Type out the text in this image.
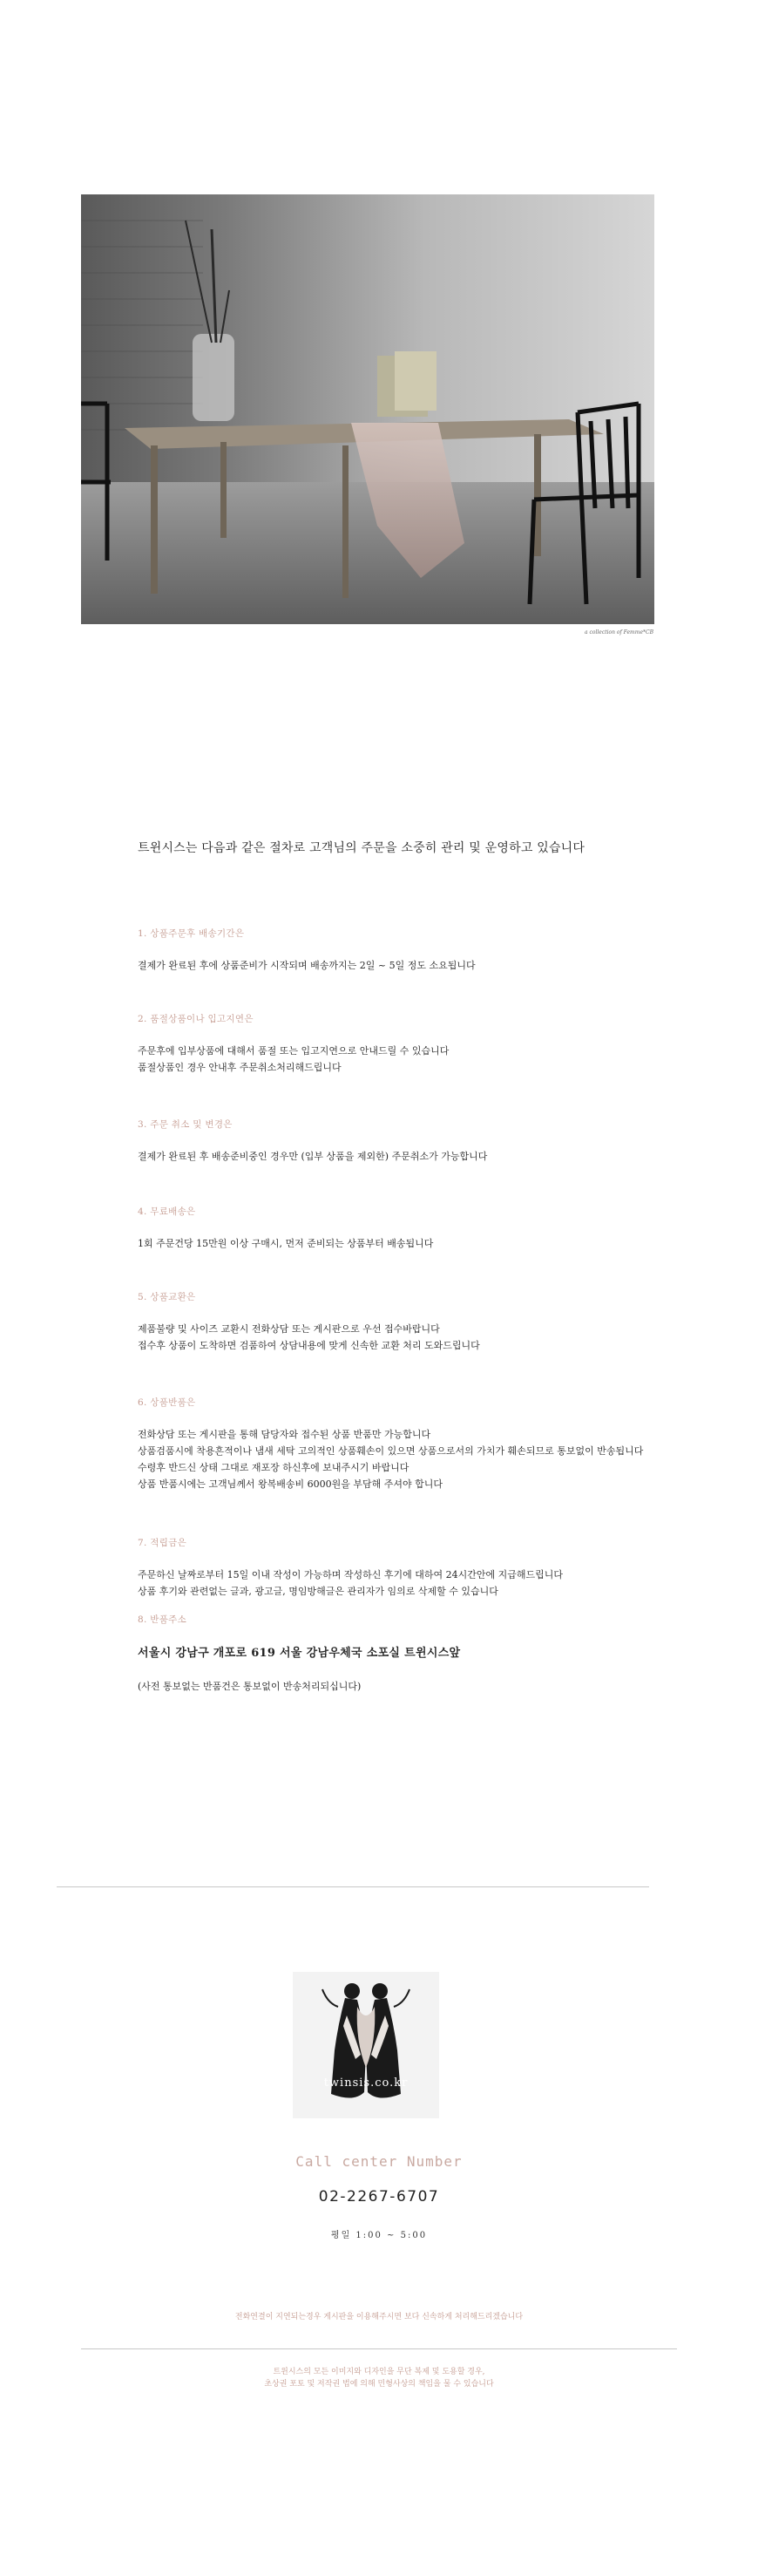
a collection of Femme*CB
트윈시스는 다음과 같은 절차로 고객님의 주문을 소중히 관리 및 운영하고 있습니다
1. 상품주문후 배송기간은
결제가 완료된 후에 상품준비가 시작되며 배송까지는 2일 ~ 5일 정도 소요됩니다
2. 품절상품이나 입고지연은
주문후에 입부상품에 대해서 품절 또는 입고지연으로 안내드릴 수 있습니다
품절상품인 경우 안내후 주문취소처리해드립니다
3. 주문 취소 및 변경은
결제가 완료된 후 배송준비중인 경우만 (입부 상품을 제외한) 주문취소가 가능합니다
4. 무료배송은
1회 주문건당 15만원 이상 구매시, 먼저 준비되는 상품부터 배송됩니다
5. 상품교환은
제품불량 및 사이즈 교환시 전화상담 또는 게시판으로 우선 접수바랍니다
접수후 상품이 도착하면 검품하여 상담내용에 맞게 신속한 교환 처리 도와드립니다
6. 상품반품은
전화상담 또는 게시판을 통해 담당자와 접수된 상품 반품만 가능합니다
상품검품시에 착용흔적이나 냄새 세탁 고의적인 상품훼손이 있으면 상품으로서의 가치가 훼손되므로 통보없이 반송됩니다
수령후 반드신 상태 그대로 재포장 하신후에 보내주시기 바랍니다
상품 반품시에는 고객님께서 왕복배송비 6000원을 부담해 주셔야 합니다
7. 적립금은
주문하신 날짜로부터 15일 이내 작성이 가능하며 작성하신 후기에 대하여 24시간안에 지급해드립니다
상품 후기와 관련없는 글과, 광고글, 명임방해글은 관리자가 임의로 삭제할 수 있습니다
8. 반품주소
서울시 강남구 개포로 619 서울 강남우체국 소포실 트윈시스앞
(사전 통보없는 반품건은 통보없이 반송처리되십니다)
twinsis.co.kr
Call center Number
02-2267-6707
평일 1:00 ~ 5:00
전화연결이 지연되는경우 게시판을 이용해주시면 보다 신속하게 처리해드리겠습니다
트윈시스의 모든 이미지와 디자인을 무단 복제 및 도용할 경우,
초상권 포토 및 저작권 법에 의해 민형사상의 책임을 물 수 있습니다
